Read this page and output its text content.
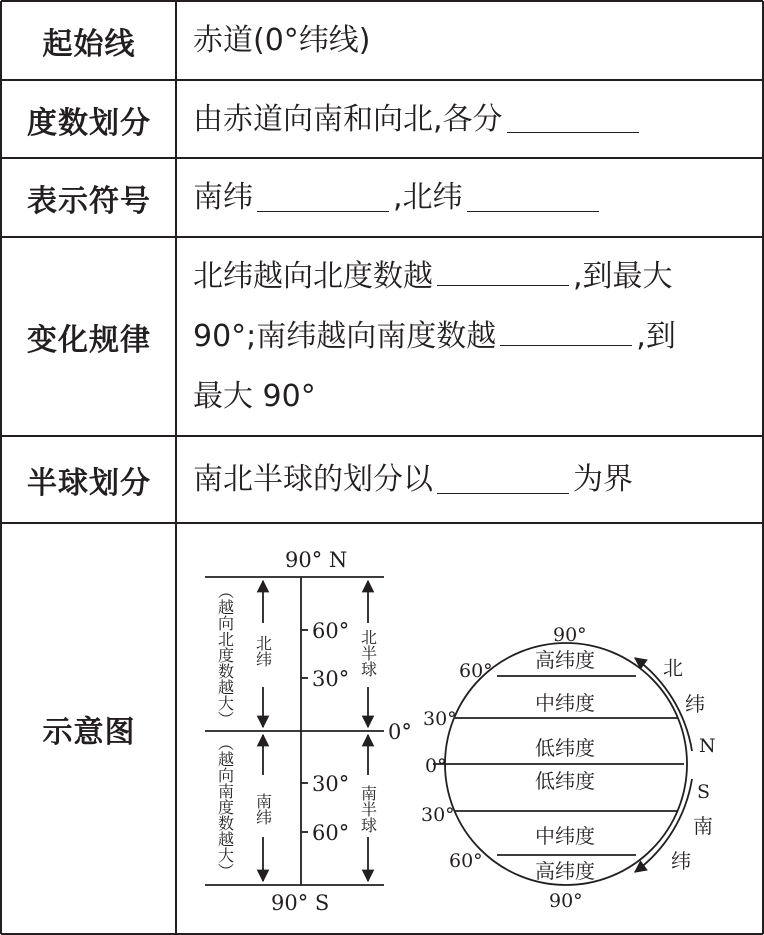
起始线 赤道(0°纬线)
度数划分 由赤道向南和向北,各分
表示符号 南纬	,北纬
变化规律
北纬越向北度数越	,到最大
90°;南纬越向南度数越	,到
最大 90°
半球划分 南北半球的划分以	为界
示意图
90° N
90° S
0°
60°
30°
30°
60°
北纬
南纬
北半球
南半球
（越向北度数越大）
（越向南度数越大）
90°
90°
60°
30°
0°
30°
60°
高纬度
中纬度
低纬度
低纬度
中纬度
高纬度
北
纬
N
S
南
纬
